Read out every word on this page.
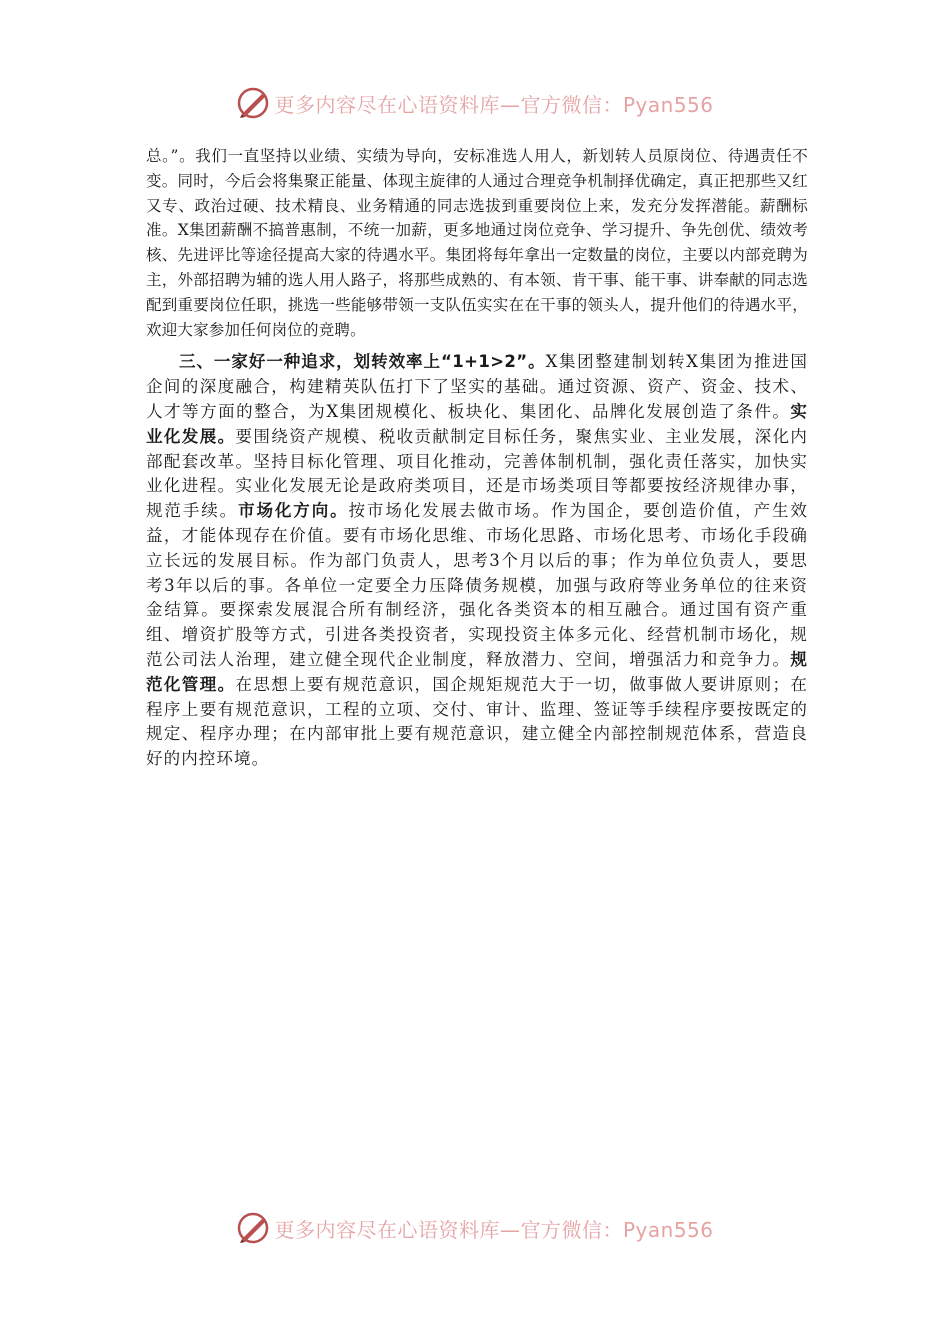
更多内容尽在心语资料库—官方微信：Pyan556

总。”。我们一直坚持以业绩、实绩为导向，安标准选人用人，新划转人员原岗位、待遇责任不变。同时，今后会将集聚正能量、体现主旋律的人通过合理竞争机制择优确定，真正把那些又红又专、政治过硬、技术精良、业务精通的同志选拔到重要岗位上来，发充分发挥潜能。薪酬标准。X集团薪酬不搞普惠制，不统一加薪，更多地通过岗位竞争、学习提升、争先创优、绩效考核、先进评比等途径提高大家的待遇水平。集团将每年拿出一定数量的岗位，主要以内部竞聘为主，外部招聘为辅的选人用人路子，将那些成熟的、有本领、肯干事、能干事、讲奉献的同志选配到重要岗位任职，挑选一些能够带领一支队伍实实在在干事的领头人，提升他们的待遇水平，欢迎大家参加任何岗位的竞聘。

三、一家好一种追求，划转效率上“1+1>2”。X集团整建制划转X集团为推进国企间的深度融合，构建精英队伍打下了坚实的基础。通过资源、资产、资金、技术、人才等方面的整合，为X集团规模化、板块化、集团化、品牌化发展创造了条件。实业化发展。要围绕资产规模、税收贡献制定目标任务，聚焦实业、主业发展，深化内部配套改革。坚持目标化管理、项目化推动，完善体制机制，强化责任落实，加快实业化进程。实业化发展无论是政府类项目，还是市场类项目等都要按经济规律办事，规范手续。市场化方向。按市场化发展去做市场。作为国企，要创造价值，产生效益，才能体现存在价值。要有市场化思维、市场化思路、市场化思考、市场化手段确立长远的发展目标。作为部门负责人，思考3个月以后的事；作为单位负责人，要思考3年以后的事。各单位一定要全力压降债务规模，加强与政府等业务单位的往来资金结算。要探索发展混合所有制经济，强化各类资本的相互融合。通过国有资产重组、增资扩股等方式，引进各类投资者，实现投资主体多元化、经营机制市场化，规范公司法人治理，建立健全现代企业制度，释放潜力、空间，增强活力和竞争力。规范化管理。在思想上要有规范意识，国企规矩规范大于一切，做事做人要讲原则；在程序上要有规范意识，工程的立项、交付、审计、监理、签证等手续程序要按既定的规定、程序办理；在内部审批上要有规范意识，建立健全内部控制规范体系，营造良好的内控环境。

更多内容尽在心语资料库—官方微信：Pyan556
